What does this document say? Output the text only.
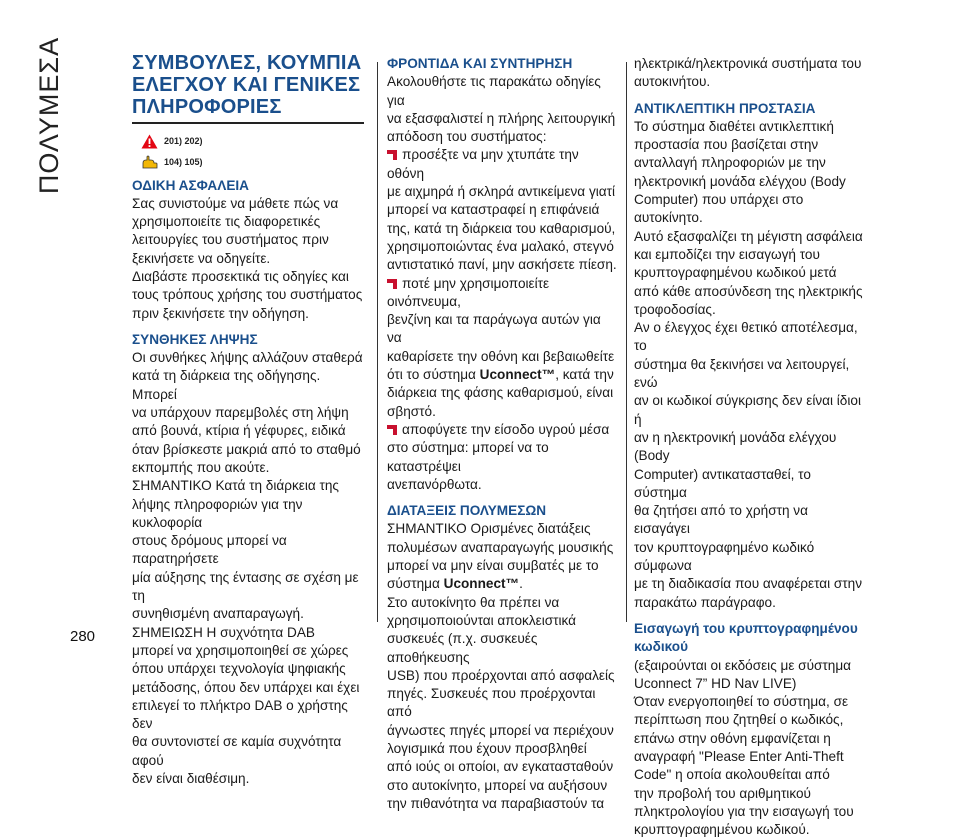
ΠΟΛΥΜΕΣΑ	ΣΥΜΒΟΥΛΕΣ, ΚΟΥΜΠΙΑ
ΕΛΕΓΧΟΥ ΚΑΙ ΓΕΝΙΚΕΣ
ΠΛΗΡΟΦΟΡΙΕΣ
201) 202)
104) 105)

ΟΔΙΚΗ ΑΣΦΑΛΕΙΑ

Σας συνιστούμε να μάθετε πώς να
χρησιμοποιείτε τις διαφορετικές
λειτουργίες του συστήματος πριν
ξεκινήσετε να οδηγείτε.
Διαβάστε προσεκτικά τις οδηγίες και
τους τρόπους χρήσης του συστήματος
πριν ξεκινήσετε την οδήγηση.

ΣΥΝΘΗΚΕΣ ΛΗΨΗΣ

Οι συνθήκες λήψης αλλάζουν σταθερά
κατά τη διάρκεια της οδήγησης. Μπορεί
να υπάρχουν παρεμβολές στη λήψη
από βουνά, κτίρια ή γέφυρες, ειδικά
όταν βρίσκεστε μακριά από το σταθμό
εκπομπής που ακούτε.
ΣΗΜΑΝΤΙΚΟ Κατά τη διάρκεια της
λήψης πληροφοριών για την κυκλοφορία
στους δρόμους μπορεί να παρατηρήσετε
μία αύξησης της έντασης σε σχέση με τη
συνηθισμένη αναπαραγωγή.
ΣΗΜΕΙΩΣΗ Η συχνότητα DAB
μπορεί να χρησιμοποιηθεί σε χώρες
όπου υπάρχει τεχνολογία ψηφιακής
μετάδοσης, όπου δεν υπάρχει και έχει
επιλεγεί το πλήκτρο DAB ο χρήστης δεν
θα συντονιστεί σε καμία συχνότητα αφού
δεν είναι διαθέσιμη.

ΦΡΟΝΤΙΔΑ ΚΑΙ ΣΥΝΤΗΡΗΣΗ

Ακολουθήστε τις παρακάτω οδηγίες για
να εξασφαλιστεί η πλήρης λειτουργική
απόδοση του συστήματος:
προσέξτε να μην χτυπάτε την οθόνη
με αιχμηρά ή σκληρά αντικείμενα γιατί
μπορεί να καταστραφεί η επιφάνειά
της, κατά τη διάρκεια του καθαρισμού,
χρησιμοποιώντας ένα μαλακό, στεγνό
αντιστατικό πανί, μην ασκήσετε πίεση.
ποτέ μην χρησιμοποιείτε οινόπνευμα,
βενζίνη και τα παράγωγα αυτών για να
καθαρίσετε την οθόνη και βεβαιωθείτε
ότι το σύστημα Uconnect™, κατά την
διάρκεια της φάσης καθαρισμού, είναι
σβηστό.
αποφύγετε την είσοδο υγρού μέσα
στο σύστημα: μπορεί να το καταστρέψει
ανεπανόρθωτα.

ΔΙΑΤΑΞΕΙΣ ΠΟΛΥΜΕΣΩΝ

ΣΗΜΑΝΤΙΚΟ Ορισμένες διατάξεις
πολυμέσων αναπαραγωγής μουσικής
μπορεί να μην είναι συμβατές με το
σύστημα Uconnect™.
Στο αυτοκίνητο θα πρέπει να
χρησιμοποιούνται αποκλειστικά
συσκευές (π.χ. συσκευές αποθήκευσης
USB) που προέρχονται από ασφαλείς
πηγές. Συσκευές που προέρχονται από
άγνωστες πηγές μπορεί να περιέχουν
λογισμικά που έχουν προσβληθεί
από ιούς οι οποίοι, αν εγκατασταθούν
στο αυτοκίνητο, μπορεί να αυξήσουν
την πιθανότητα να παραβιαστούν τα
ηλεκτρικά/ηλεκτρονικά συστήματα του
αυτοκινήτου.

ΑΝΤΙΚΛΕΠΤΙΚΗ ΠΡΟΣΤΑΣΙΑ

Το σύστημα διαθέτει αντικλεπτική
προστασία που βασίζεται στην
ανταλλαγή πληροφοριών με την
ηλεκτρονική μονάδα ελέγχου (Body
Computer) που υπάρχει στο αυτοκίνητο.
Αυτό εξασφαλίζει τη μέγιστη ασφάλεια
και εμποδίζει την εισαγωγή του
κρυπτογραφημένου κωδικού μετά
από κάθε αποσύνδεση της ηλεκτρικής
τροφοδοσίας.
Αν ο έλεγχος έχει θετικό αποτέλεσμα, το
σύστημα θα ξεκινήσει να λειτουργεί, ενώ
αν οι κωδικοί σύγκρισης δεν είναι ίδιοι ή
αν η ηλεκτρονική μονάδα ελέγχου (Body
Computer) αντικατασταθεί, το σύστημα
θα ζητήσει από το χρήστη να εισαγάγει
τον κρυπτογραφημένο κωδικό σύμφωνα
με τη διαδικασία που αναφέρεται στην
παρακάτω παράγραφο.
Εισαγωγή του κρυπτογραφημένου
κωδικού
(εξαιρούνται οι εκδόσεις με σύστημα
Uconnect 7” HD Nav LIVE)
Όταν ενεργοποιηθεί το σύστημα, σε
περίπτωση που ζητηθεί ο κωδικός,
επάνω στην οθόνη εμφανίζεται η
αναγραφή "Please Enter Anti-Theft
Code" η οποία ακολουθείται από
την προβολή του αριθμητικού
πληκτρολογίου για την εισαγωγή του
κρυπτογραφημένου κωδικού.
280
